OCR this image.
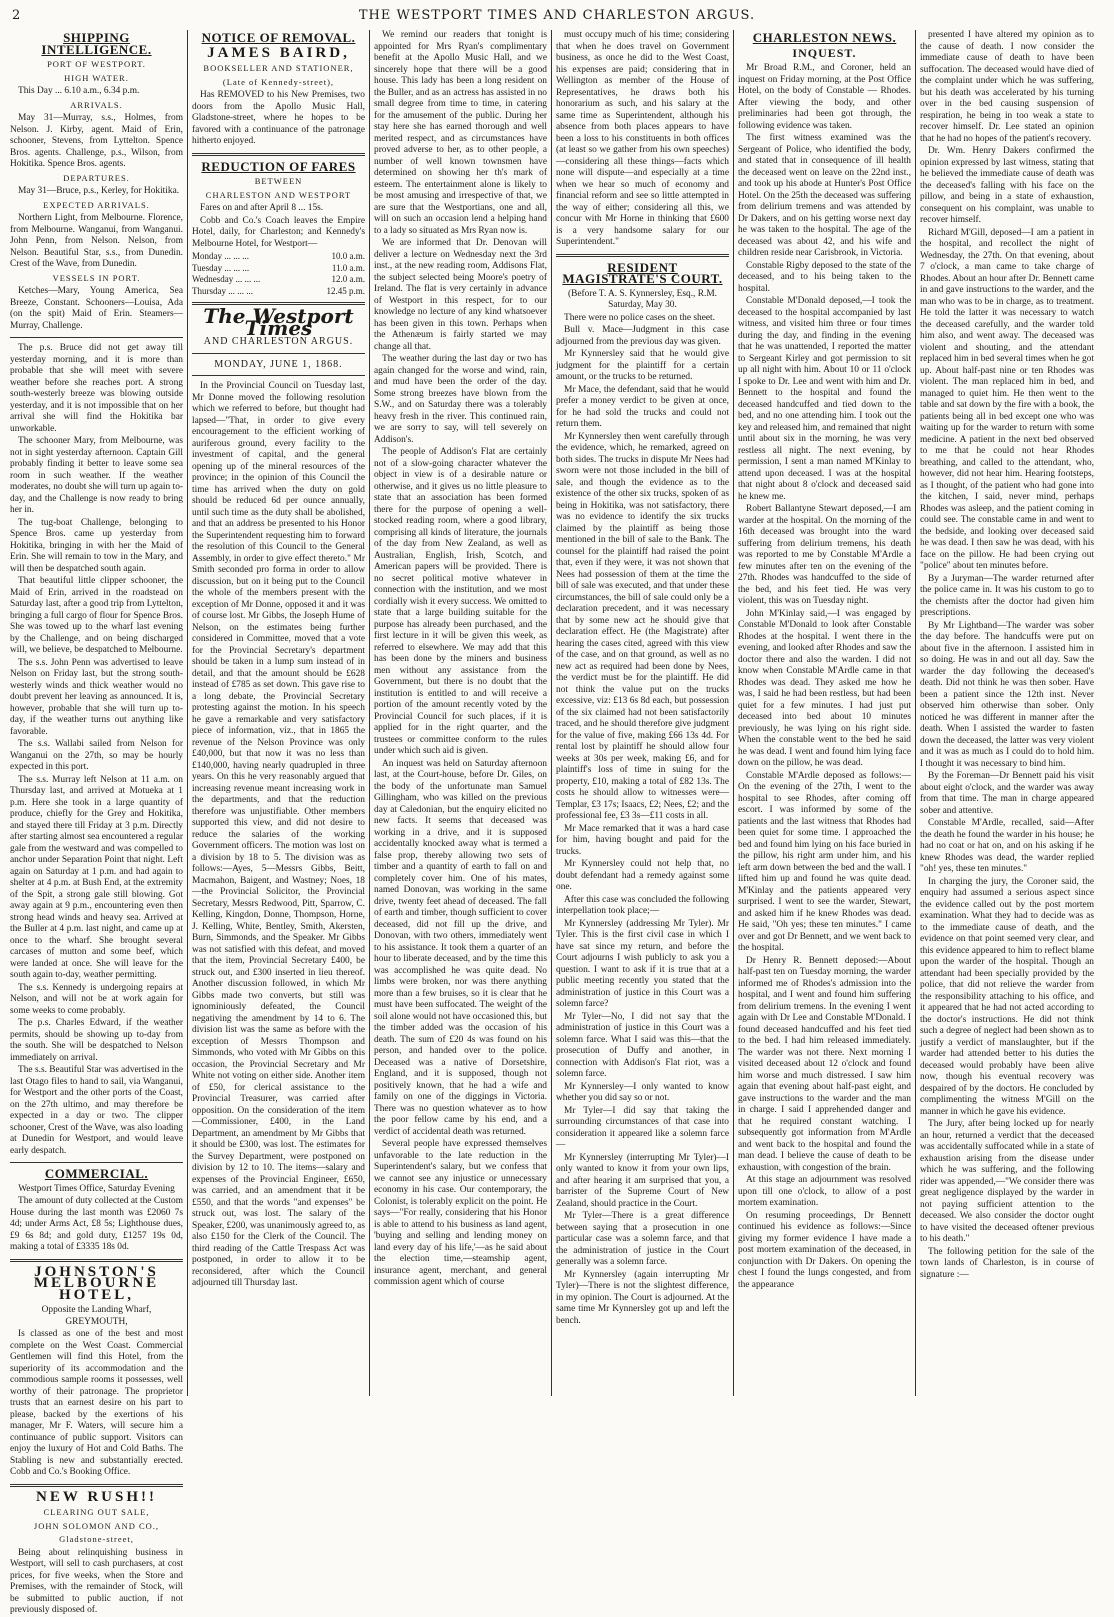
2	THE WESTPORT TIMES AND CHARLESTON ARGUS.
SHIPPING INTELLIGENCE.
PORT OF WESTPORT.
HIGH WATER.

This Day ... 6.10 a.m., 6.34 p.m.

ARRIVALS.

May 31—Murray, s.s., Holmes, from Nelson. J. Kirby, agent. Maid of Erin, schooner, Stevens, from Lyttelton. Spence Bros. agents. Challenge, p.s., Wilson, from Hokitika. Spence Bros. agents.

DEPARTURES.

May 31—Bruce, p.s., Kerley, for Hokitika.

EXPECTED ARRIVALS.

Northern Light, from Melbourne. Florence, from Melbourne. Wanganui, from Wanganui. John Penn, from Nelson. Nelson, from Nelson. Beautiful Star, s.s., from Dunedin. Crest of the Wave, from Dunedin.

VESSELS IN PORT.

Ketches—Mary, Young America, Sea Breeze, Constant. Schooners—Louisa, Ada (on the spit) Maid of Erin. Steamers—Murray, Challenge.

The p.s. Bruce did not get away till yesterday morning, and it is more than probable that she will meet with severe weather before she reaches port. A strong south-westerly breeze was blowing outside yesterday, and it is not impossible that on her arrival she will find the Hokitika bar unworkable.

The schooner Mary, from Melbourne, was not in sight yesterday afternoon. Captain Gill probably finding it better to leave some sea room in such weather. If the weather moderates, no doubt she will turn up again to-day, and the Challenge is now ready to bring her in.

The tug-boat Challenge, belonging to Spence Bros. came up yesterday from Hokitika, bringing in with her the Maid of Erin. She will remain to tow in the Mary, and will then be despatched south again.

That beautiful little clipper schooner, the Maid of Erin, arrived in the roadstead on Saturday last, after a good trip from Lyttelton, bringing a full cargo of flour for Spence Bros. She was towed up to the wharf last evening by the Challenge, and on being discharged will, we believe, be despatched to Melbourne.

The s.s. John Penn was advertised to leave Nelson on Friday last, but the strong south-westerly winds and thick weather would no doubt prevent her leaving as announced. It is, however, probable that she will turn up to-day, if the weather turns out anything like favorable.

The s.s. Wallabi sailed from Nelson for Wanganui on the 27th, so may be hourly expected in this port.

The s.s. Murray left Nelson at 11 a.m. on Thursday last, and arrived at Motueka at 1 p.m. Here she took in a large quantity of produce, chiefly for the Grey and Hokitika, and stayed there till Friday at 3 p.m. Directly after starting almost sea encountered a regular gale from the westward and was compelled to anchor under Separation Point that night. Left again on Saturday at 1 p.m. and had again to shelter at 4 p.m. at Bush End, at the extremity of the Spit, a strong gale still blowing. Got away again at 9 p.m., encountering even then strong head winds and heavy sea. Arrived at the Buller at 4 p.m. last night, and came up at once to the wharf. She brought several carcases of mutton and some beef, which were landed at once. She will leave for the south again to-day, weather permitting.

The s.s. Kennedy is undergoing repairs at Nelson, and will not be at work again for some weeks to come probably.

The p.s. Charles Edward, if the weather permits, should be showing up to-day from the south. She will be despatched to Nelson immediately on arrival.

The s.s. Beautiful Star was advertised in the last Otago files to hand to sail, via Wanganui, for Westport and the other ports of the Coast, on the 27th ultimo, and may therefore be expected in a day or two. The clipper schooner, Crest of the Wave, was also loading at Dunedin for Westport, and would leave early despatch.

COMMERCIAL.

Westport Times Office, Saturday Evening

The amount of duty collected at the Custom House during the last month was £2060 7s 4d; under Arms Act, £8 5s; Lighthouse dues, £9 6s 8d; and gold duty, £1257 19s 0d, making a total of £3335 18s 0d.

JOHNSTON'S MELBOURNE HOTEL,

Opposite the Landing Wharf, GREYMOUTH,

Is classed as one of the best and most complete on the West Coast. Commercial Gentlemen will find this Hotel, from the superiority of its accommodation and the commodious sample rooms it possesses, well worthy of their patronage. The proprietor trusts that an earnest desire on his part to please, backed by the exertions of his manager, Mr F. Waters, will secure him a continuance of public support. Visitors can enjoy the luxury of Hot and Cold Baths. The Stabling is new and substantially erected. Cobb and Co.'s Booking Office.

NEW RUSH!!
CLEARING OUT SALE,
JOHN SOLOMON AND CO.,
Gladstone-street,

Being about relinquishing business in Westport, will sell to cash purchasers, at cost prices, for five weeks, when the Store and Premises, with the remainder of Stock, will be submitted to public auction, if not previously disposed of.

NOTICE OF REMOVAL.
JAMES BAIRD,
BOOKSELLER AND STATIONER,
(Late of Kennedy-street),

Has REMOVED to his New Premises, two doors from the Apollo Music Hall, Gladstone-street, where he hopes to be favored with a continuance of the patronage hitherto enjoyed.

REDUCTION OF FARES
BETWEEN
CHARLESTON AND WESTPORT

Fares on and after April 8 ... 15s.

Cobb and Co.'s Coach leaves the Empire Hotel, daily, for Charleston; and Kennedy's Melbourne Hotel, for Westport—

Monday ... ... ...	10.0 a.m.
Tuesday ... ... ...	11.0 a.m.
Wednesday ... ... ...	12.0 a.m.
Thursday ... ... ...	12.45 p.m.
The Westport Times
AND CHARLESTON ARGUS.
MONDAY, JUNE 1, 1868.

In the Provincial Council on Tuesday last, Mr Donne moved the following resolution which we referred to before, but thought had lapsed—"That, in order to give every encouragement to the efficient working of auriferous ground, every facility to the investment of capital, and the general opening up of the mineral resources of the province; in the opinion of this Council the time has arrived when the duty on gold should be reduced 6d per ounce annually, until such time as the duty shall be abolished, and that an address be presented to his Honor the Superintendent requesting him to forward the resolution of this Council to the General Assembly, in order to give effect thereto." Mr Smith seconded pro forma in order to allow discussion, but on it being put to the Council the whole of the members present with the exception of Mr Donne, opposed it and it was of course lost. Mr Gibbs, the Joseph Hume of Nelson, on the estimates being further considered in Committee, moved that a vote for the Provincial Secretary's department should be taken in a lump sum instead of in detail, and that the amount should be £628 instead of £785 as set down. This gave rise to a long debate, the Provincial Secretary protesting against the motion. In his speech he gave a remarkable and very satisfactory piece of information, viz., that in 1865 the revenue of the Nelson Province was only £40,000, but that now it was no less than £140,000, having nearly quadrupled in three years. On this he very reasonably argued that increasing revenue meant increasing work in the departments, and that the reduction therefore was unjustifiable. Other members supported this view, and did not desire to reduce the salaries of the working Government officers. The motion was lost on a division by 18 to 5. The division was as follows:—Ayes, 5—Messrs Gibbs, Beitt, Macmahon, Baigent, and Wastney; Noes, 18—the Provincial Solicitor, the Provincial Secretary, Messrs Redwood, Pitt, Sparrow, C. Kelling, Kingdon, Donne, Thompson, Horne, J. Kelling, White, Bentley, Smith, Akersten, Burn, Simmonds, and the Speaker. Mr Gibbs was not satisfied with this defeat, and moved that the item, Provincial Secretary £400, be struck out, and £300 inserted in lieu thereof. Another discussion followed, in which Mr Gibbs made two converts, but still was ignominiously defeated, the Council negativing the amendment by 14 to 6. The division list was the same as before with the exception of Messrs Thompson and Simmonds, who voted with Mr Gibbs on this occasion, the Provincial Secretary and Mr White not voting on either side. Another item of £50, for clerical assistance to the Provincial Treasurer, was carried after opposition. On the consideration of the item—Commissioner, £400, in the Land Department, an amendment by Mr Gibbs that it should be £300, was lost. The estimates for the Survey Department, were postponed on division by 12 to 10. The items—salary and expenses of the Provincial Engineer, £650, was carried, and an amendment that it be £550, and that the words "and expenses" be struck out, was lost. The salary of the Speaker, £200, was unanimously agreed to, as also £150 for the Clerk of the Council. The third reading of the Cattle Trespass Act was postponed, in order to allow it to be reconsidered, after which the Council adjourned till Thursday last.

We remind our readers that tonight is appointed for Mrs Ryan's complimentary benefit at the Apollo Music Hall, and we sincerely hope that there will be a good house. This lady has been a long resident on the Buller, and as an actress has assisted in no small degree from time to time, in catering for the amusement of the public. During her stay here she has earned thorough and well merited respect, and as circumstances have proved adverse to her, as to other people, a number of well known townsmen have determined on showing her th's mark of esteem. The entertainment alone is likely to be most amusing and irrespective of that, we are sure that the Westportians, one and all, will on such an occasion lend a helping hand to a lady so situated as Mrs Ryan now is.

We are informed that Dr. Denovan will deliver a lecture on Wednesday next the 3rd inst., at the new reading room, Addisons Flat, the subject selected being Moore's poetry of Ireland. The flat is very certainly in advance of Westport in this respect, for to our knowledge no lecture of any kind whatsoever has been given in this town. Perhaps when the Athenæum is fairly started we may change all that.

The weather during the last day or two has again changed for the worse and wind, rain, and mud have been the order of the day. Some strong breezes have blown from the S.W., and on Saturday there was a tolerably heavy fresh in the river. This continued rain, we are sorry to say, will tell severely on Addison's.

The people of Addison's Flat are certainly not of a slow-going character whatever the object in view is of a desirable nature or otherwise, and it gives us no little pleasure to state that an association has been formed there for the purpose of opening a well-stocked reading room, where a good library, comprising all kinds of literature, the journals of the day from New Zealand, as well as Australian, English, Irish, Scotch, and American papers will be provided. There is no secret political motive whatever in connection with the institution, and we most cordially wish it every success. We omitted to state that a large building suitable for the purpose has already been purchased, and the first lecture in it will be given this week, as referred to elsewhere. We may add that this has been done by the miners and business men without any assistance from the Government, but there is no doubt that the institution is entitled to and will receive a portion of the amount recently voted by the Provincial Council for such places, if it is applied for in the right quarter, and the trustees or committee conform to the rules under which such aid is given.

An inquest was held on Saturday afternoon last, at the Court-house, before Dr. Giles, on the body of the unfortunate man Samuel Gillingham, who was killed on the previous day at Caledonian, but the enquiry elicited no new facts. It seems that deceased was working in a drive, and it is supposed accidentally knocked away what is termed a false prop, thereby allowing two sets of timber and a quantity of earth to fall on and completely cover him. One of his mates, named Donovan, was working in the same drive, twenty feet ahead of deceased. The fall of earth and timber, though sufficient to cover deceased, did not fill up the drive, and Donovan, with two others, immediately went to his assistance. It took them a quarter of an hour to liberate deceased, and by the time this was accomplished he was quite dead. No limbs were broken, nor was there anything more than a few bruises, so it is clear that he must have been suffocated. The weight of the soil alone would not have occasioned this, but the timber added was the occasion of his death. The sum of £20 4s was found on his person, and handed over to the police. Deceased was a native of Dorsetshire, England, and it is supposed, though not positively known, that he had a wife and family on one of the diggings in Victoria. There was no question whatever as to how the poor fellow came by his end, and a verdict of accidental death was returned.

Several people have expressed themselves unfavorable to the late reduction in the Superintendent's salary, but we confess that we cannot see any injustice or unnecessary economy in his case. Our contemporary, the Colonist, is tolerably explicit on the point. He says—"For really, considering that his Honor is able to attend to his business as land agent, 'buying and selling and lending money on land every day of his life,'—as he said about the election time,—steamship agent, insurance agent, merchant, and general commission agent which of course

must occupy much of his time; considering that when he does travel on Government business, as once he did to the West Coast, his expenses are paid; considering that in Wellington as member of the House of Representatives, he draws both his honorarium as such, and his salary at the same time as Superintendent, although his absence from both places appears to have been a loss to his constituents in both offices (at least so we gather from his own speeches)—considering all these things—facts which none will dispute—and especially at a time when we hear so much of economy and financial reform and see so little attempted in the way of either; considering all this, we concur with Mr Horne in thinking that £600 is a very handsome salary for our Superintendent."

RESIDENT MAGISTRATE'S COURT.

(Before T. A. S. Kynnersley, Esq., R.M. Saturday, May 30.

There were no police cases on the sheet.

Bull v. Mace—Judgment in this case adjourned from the previous day was given.

Mr Kynnersley said that he would give judgment for the plaintiff for a certain amount, or the trucks to be returned.

Mr Mace, the defendant, said that he would prefer a money verdict to be given at once, for he had sold the trucks and could not return them.

Mr Kynnersley then went carefully through the evidence, which, he remarked, agreed on both sides. The trucks in dispute Mr Nees had sworn were not those included in the bill of sale, and though the evidence as to the existence of the other six trucks, spoken of as being in Hokitika, was not satisfactory, there was no evidence to identify the six trucks claimed by the plaintiff as being those mentioned in the bill of sale to the Bank. The counsel for the plaintiff had raised the point that, even if they were, it was not shown that Nees had possession of them at the time the bill of sale was executed, and that under these circumstances, the bill of sale could only be a declaration precedent, and it was necessary that by some new act he should give that declaration effect. He (the Magistrate) after hearing the cases cited, agreed with this view of the case, and on that ground, as well as no new act as required had been done by Nees, the verdict must be for the plaintiff. He did not think the value put on the trucks excessive, viz: £13 6s 8d each, but possession of the six claimed had not been satisfactorily traced, and he should therefore give judgment for the value of five, making £66 13s 4d. For rental lost by plaintiff he should allow four weeks at 30s per week, making £6, and for plaintiff's loss of time in suing for the property, £10, making a total of £82 13s. The costs he should allow to witnesses were—Templar, £3 17s; Isaacs, £2; Nees, £2; and the professional fee, £3 3s—£11 costs in all.

Mr Mace remarked that it was a hard case for him, having bought and paid for the trucks.

Mr Kynnersley could not help that, no doubt defendant had a remedy against some one.

After this case was concluded the following interpellation took place;—

Mr Kynnersley (addressing Mr Tyler). Mr Tyler. This is the first civil case in which I have sat since my return, and before the Court adjourns I wish publicly to ask you a question. I want to ask if it is true that at a public meeting recently you stated that the administration of justice in this Court was a solemn farce?

Mr Tyler—No, I did not say that the administration of justice in this Court was a solemn farce. What I said was this—that the prosecution of Duffy and another, in connection with Addison's Flat riot, was a solemn farce.

Mr Kynnersley—I only wanted to know whether you did say so or not.

Mr Tyler—I did say that taking the surrounding circumstances of that case into consideration it appeared like a solemn farce—

Mr Kynnersley (interrupting Mr Tyler)—I only wanted to know it from your own lips, and after hearing it am surprised that you, a barrister of the Supreme Court of New Zealand, should practice in the Court.

Mr Tyler—There is a great difference between saying that a prosecution in one particular case was a solemn farce, and that the administration of justice in the Court generally was a solemn farce.

Mr Kynnersley (again interrupting Mr Tyler)—There is not the slightest difference, in my opinion. The Court is adjourned. At the same time Mr Kynnersley got up and left the bench.

CHARLESTON NEWS.
INQUEST.

Mr Broad R.M., and Coroner, held an inquest on Friday morning, at the Post Office Hotel, on the body of Constable — Rhodes. After viewing the body, and other preliminaries had been got through, the following evidence was taken.

The first witness examined was the Sergeant of Police, who identified the body, and stated that in consequence of ill health the deceased went on leave on the 22nd inst., and took up his abode at Hunter's Post Office Hotel. On the 25th the deceased was suffering from delirium tremens and was attended by Dr Dakers, and on his getting worse next day he was taken to the hospital. The age of the deceased was about 42, and his wife and children reside near Carisbrook, in Victoria.

Constable Rigby deposed to the state of the deceased, and to his being taken to the hospital.

Constable M'Donald deposed,—I took the deceased to the hospital accompanied by last witness, and visited him three or four times during the day, and finding in the evening that he was unattended, I reported the matter to Sergeant Kirley and got permission to sit up all night with him. About 10 or 11 o'clock I spoke to Dr. Lee and went with him and Dr. Bennett to the hospital and found the deceased handcuffed and tied down to the bed, and no one attending him. I took out the key and released him, and remained that night until about six in the morning, he was very restless all night. The next evening, by permission, I sent a man named M'Kinlay to attend upon deceased. I was at the hospital that night about 8 o'clock and deceased said he knew me.

Robert Ballantyne Stewart deposed,—I am warder at the hospital. On the morning of the 16th deceased was brought into the ward suffering from delirium tremens, his death was reported to me by Constable M'Ardle a few minutes after ten on the evening of the 27th. Rhodes was handcuffed to the side of the bed, and his feet tied. He was very violent, this was on Tuesday night.

John M'Kinlay said,—I was engaged by Constable M'Donald to look after Constable Rhodes at the hospital. I went there in the evening, and looked after Rhodes and saw the doctor there and also the warden. I did not know when Constable M'Ardle came in that Rhodes was dead. They asked me how he was, I said he had been restless, but had been quiet for a few minutes. I had just put deceased into bed about 10 minutes previously, he was lying on his right side. When the constable went to the bed he said he was dead. I went and found him lying face down on the pillow, he was dead.

Constable M'Ardle deposed as follows:—On the evening of the 27th, I went to the hospital to see Rhodes, after coming off escort. I was informed by some of the patients and the last witness that Rhodes had been quiet for some time. I approached the bed and found him lying on his face buried in the pillow, his right arm under him, and his left arm down between the bed and the wall. I lifted him up and found he was quite dead. M'Kinlay and the patients appeared very surprised. I went to see the warder, Stewart, and asked him if he knew Rhodes was dead. He said, "Oh yes; these ten minutes." I came over and got Dr Bennett, and we went back to the hospital.

Dr Henry R. Bennett deposed:—About half-past ten on Tuesday morning, the warder informed me of Rhodes's admission into the hospital, and I went and found him suffering from delirium tremens. In the evening I went again with Dr Lee and Constable M'Donald. I found deceased handcuffed and his feet tied to the bed. I had him released immediately. The warder was not there. Next morning I visited deceased about 12 o'clock and found him worse and much distressed. I saw him again that evening about half-past eight, and gave instructions to the warder and the man in charge. I said I apprehended danger and that he required constant watching. I subsequently got information from M'Ardle and went back to the hospital and found the man dead. I believe the cause of death to be exhaustion, with congestion of the brain.

At this stage an adjournment was resolved upon till one o'clock, to allow of a post mortem examination.

On resuming proceedings, Dr Bennett continued his evidence as follows:—Since giving my former evidence I have made a post mortem examination of the deceased, in conjunction with Dr Dakers. On opening the chest I found the lungs congested, and from the appearance

presented I have altered my opinion as to the cause of death. I now consider the immediate cause of death to have been suffocation. The deceased would have died of the complaint under which he was suffering, but his death was accelerated by his turning over in the bed causing suspension of respiration, he being in too weak a state to recover himself. Dr. Lee stated an opinion that he had no hopes of the patient's recovery.

Dr. Wm. Henry Dakers confirmed the opinion expressed by last witness, stating that he believed the immediate cause of death was the deceased's falling with his face on the pillow, and being in a state of exhaustion, consequent on his complaint, was unable to recover himself.

Richard M'Gill, deposed—I am a patient in the hospital, and recollect the night of Wednesday, the 27th. On that evening, about 7 o'clock, a man came to take charge of Rhodes. About an hour after Dr. Bennett came in and gave instructions to the warder, and the man who was to be in charge, as to treatment. He told the latter it was necessary to watch the deceased carefully, and the warder told him also, and went away. The deceased was violent and shouting, and the attendant replaced him in bed several times when he got up. About half-past nine or ten Rhodes was violent. The man replaced him in bed, and managed to quiet him. He then went to the table and sat down by the fire with a book, the patients being all in bed except one who was waiting up for the warder to return with some medicine. A patient in the next bed observed to me that he could not hear Rhodes breathing, and called to the attendant, who, however, did not hear him. Hearing footsteps, as I thought, of the patient who had gone into the kitchen, I said, never mind, perhaps Rhodes was asleep, and the patient coming in could see. The constable came in and went to the bedside, and looking over deceased said he was dead. I then saw he was dead, with his face on the pillow. He had been crying out "police" about ten minutes before.

By a Juryman—The warder returned after the police came in. It was his custom to go to the chemists after the doctor had given him prescriptions.

By Mr Lightband—The warder was sober the day before. The handcuffs were put on about five in the afternoon. I assisted him in so doing. He was in and out all day. Saw the warder the day following the deceased's death. Did not think he was then sober. Have been a patient since the 12th inst. Never observed him otherwise than sober. Only noticed he was different in manner after the death. When I assisted the warder to fasten down the deceased, the latter was very violent and it was as much as I could do to hold him. I thought it was necessary to bind him.

By the Foreman—Dr Bennett paid his visit about eight o'clock, and the warder was away from that time. The man in charge appeared sober and attentive.

Constable M'Ardle, recalled, said—After the death he found the warder in his house; he had no coat or hat on, and on his asking if he knew Rhodes was dead, the warder replied "oh! yes, these ten minutes."

In charging the jury, the Coroner said, the enquiry had assumed a serious aspect since the evidence called out by the post mortem examination. What they had to decide was as to the immediate cause of death, and the evidence on that point seemed very clear, and this evidence appeared to him to reflect blame upon the warder of the hospital. Though an attendant had been specially provided by the police, that did not relieve the warder from the responsibility attaching to his office, and it appeared that he had not acted according to the doctor's instructions. He did not think such a degree of neglect had been shown as to justify a verdict of manslaughter, but if the warder had attended better to his duties the deceased would probably have been alive now, though his eventual recovery was despaired of by the doctors. He concluded by complimenting the witness M'Gill on the manner in which he gave his evidence.

The Jury, after being locked up for nearly an hour, returned a verdict that the deceased was accidentally suffocated while in a state of exhaustion arising from the disease under which he was suffering, and the following rider was appended,—"We consider there was great negligence displayed by the warder in not paying sufficient attention to the deceased. We also consider the doctor ought to have visited the deceased oftener previous to his death."

The following petition for the sale of the town lands of Charleston, is in course of signature :—
